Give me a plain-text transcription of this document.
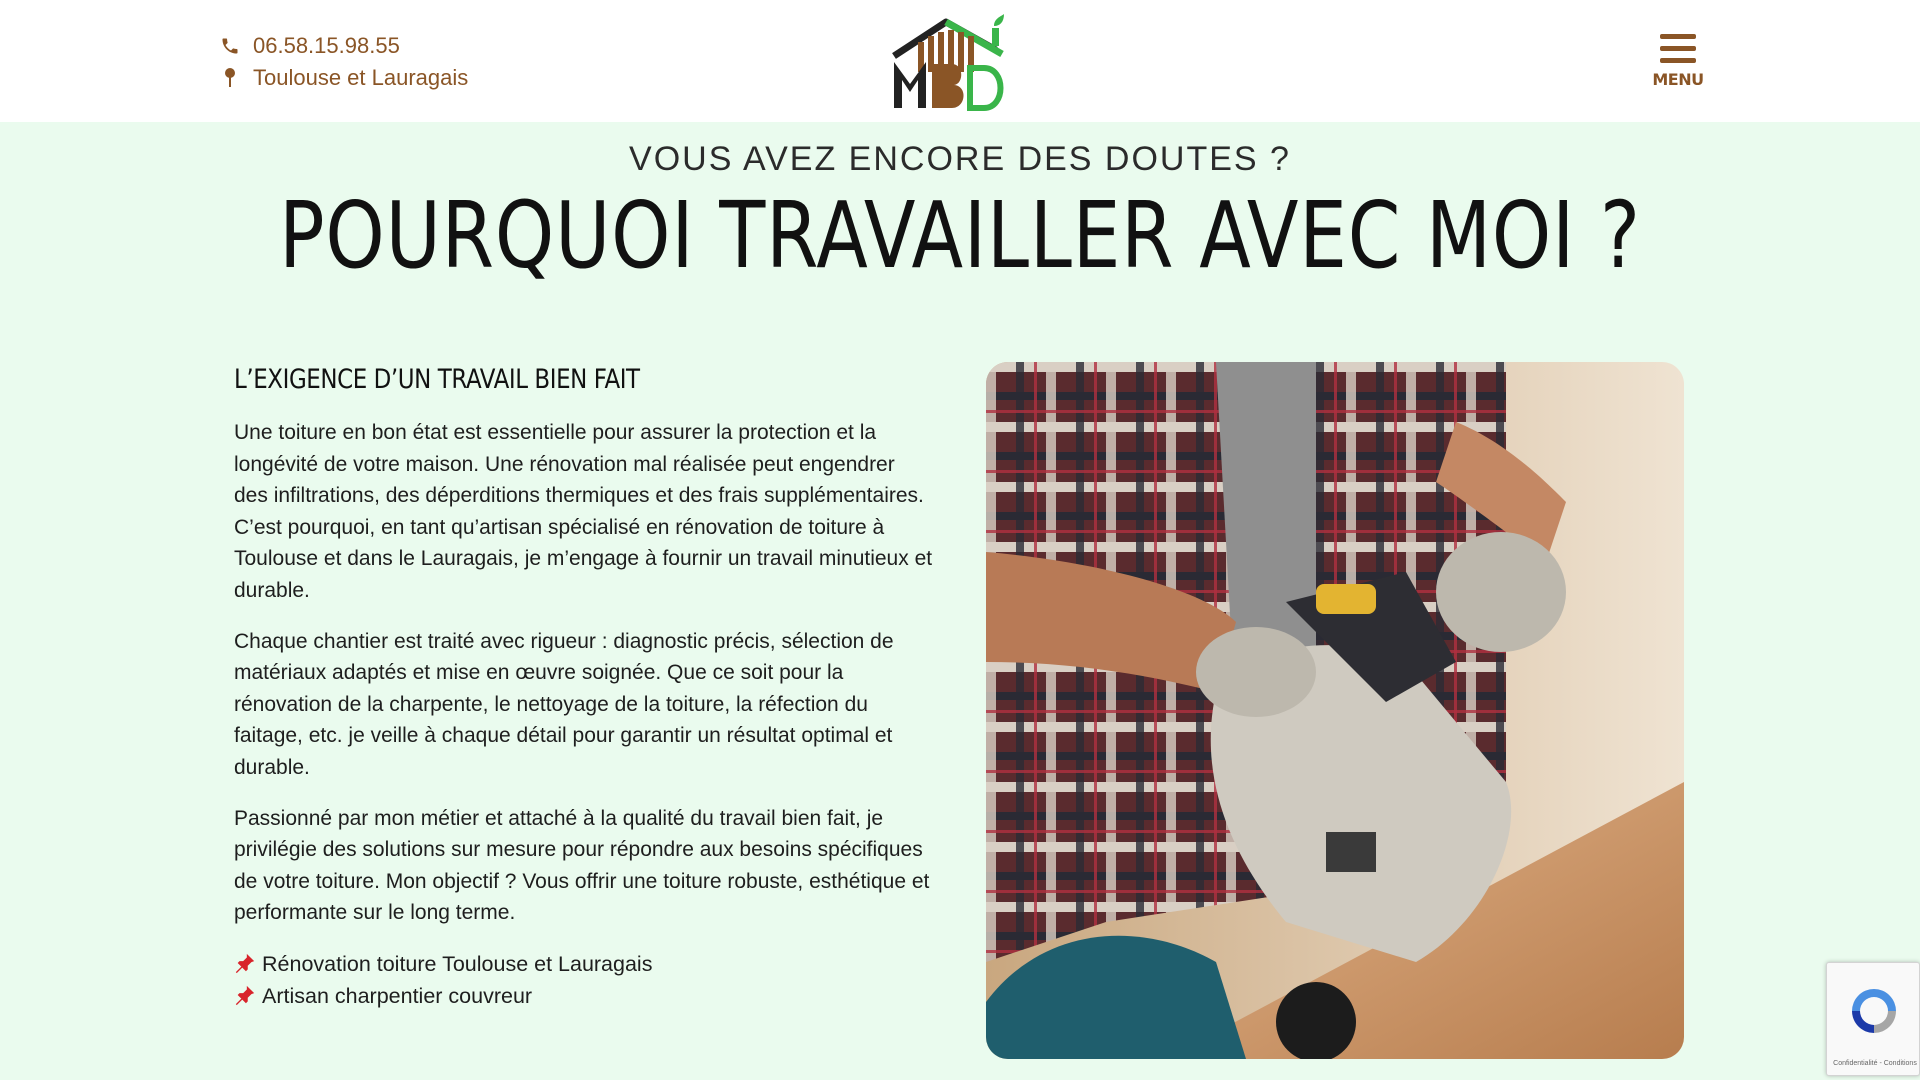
06.58.15.98.55
Toulouse et Lauragais	MENU
VOUS AVEZ ENCORE DES DOUTES ?
POURQUOI TRAVAILLER AVEC MOI ?
L’EXIGENCE D’UN TRAVAIL BIEN FAIT

Une toiture en bon état est essentielle pour assurer la protection et la longévité de votre maison. Une rénovation mal réalisée peut engendrer des infiltrations, des déperditions thermiques et des frais supplémentaires. C’est pourquoi, en tant qu’artisan spécialisé en rénovation de toiture à Toulouse et dans le Lauragais, je m’engage à fournir un travail minutieux et durable.

Chaque chantier est traité avec rigueur : diagnostic précis, sélection de matériaux adaptés et mise en œuvre soignée. Que ce soit pour la rénovation de la charpente, le nettoyage de la toiture, la réfection du faitage, etc. je veille à chaque détail pour garantir un résultat optimal et durable.

Passionné par mon métier et attaché à la qualité du travail bien fait, je privilégie des solutions sur mesure pour répondre aux besoins spécifiques de votre toiture. Mon objectif ? Vous offrir une toiture robuste, esthétique et performante sur le long terme.

Rénovation toiture Toulouse et Lauragais
Artisan charpentier couvreur
Confidentialité - Conditions
